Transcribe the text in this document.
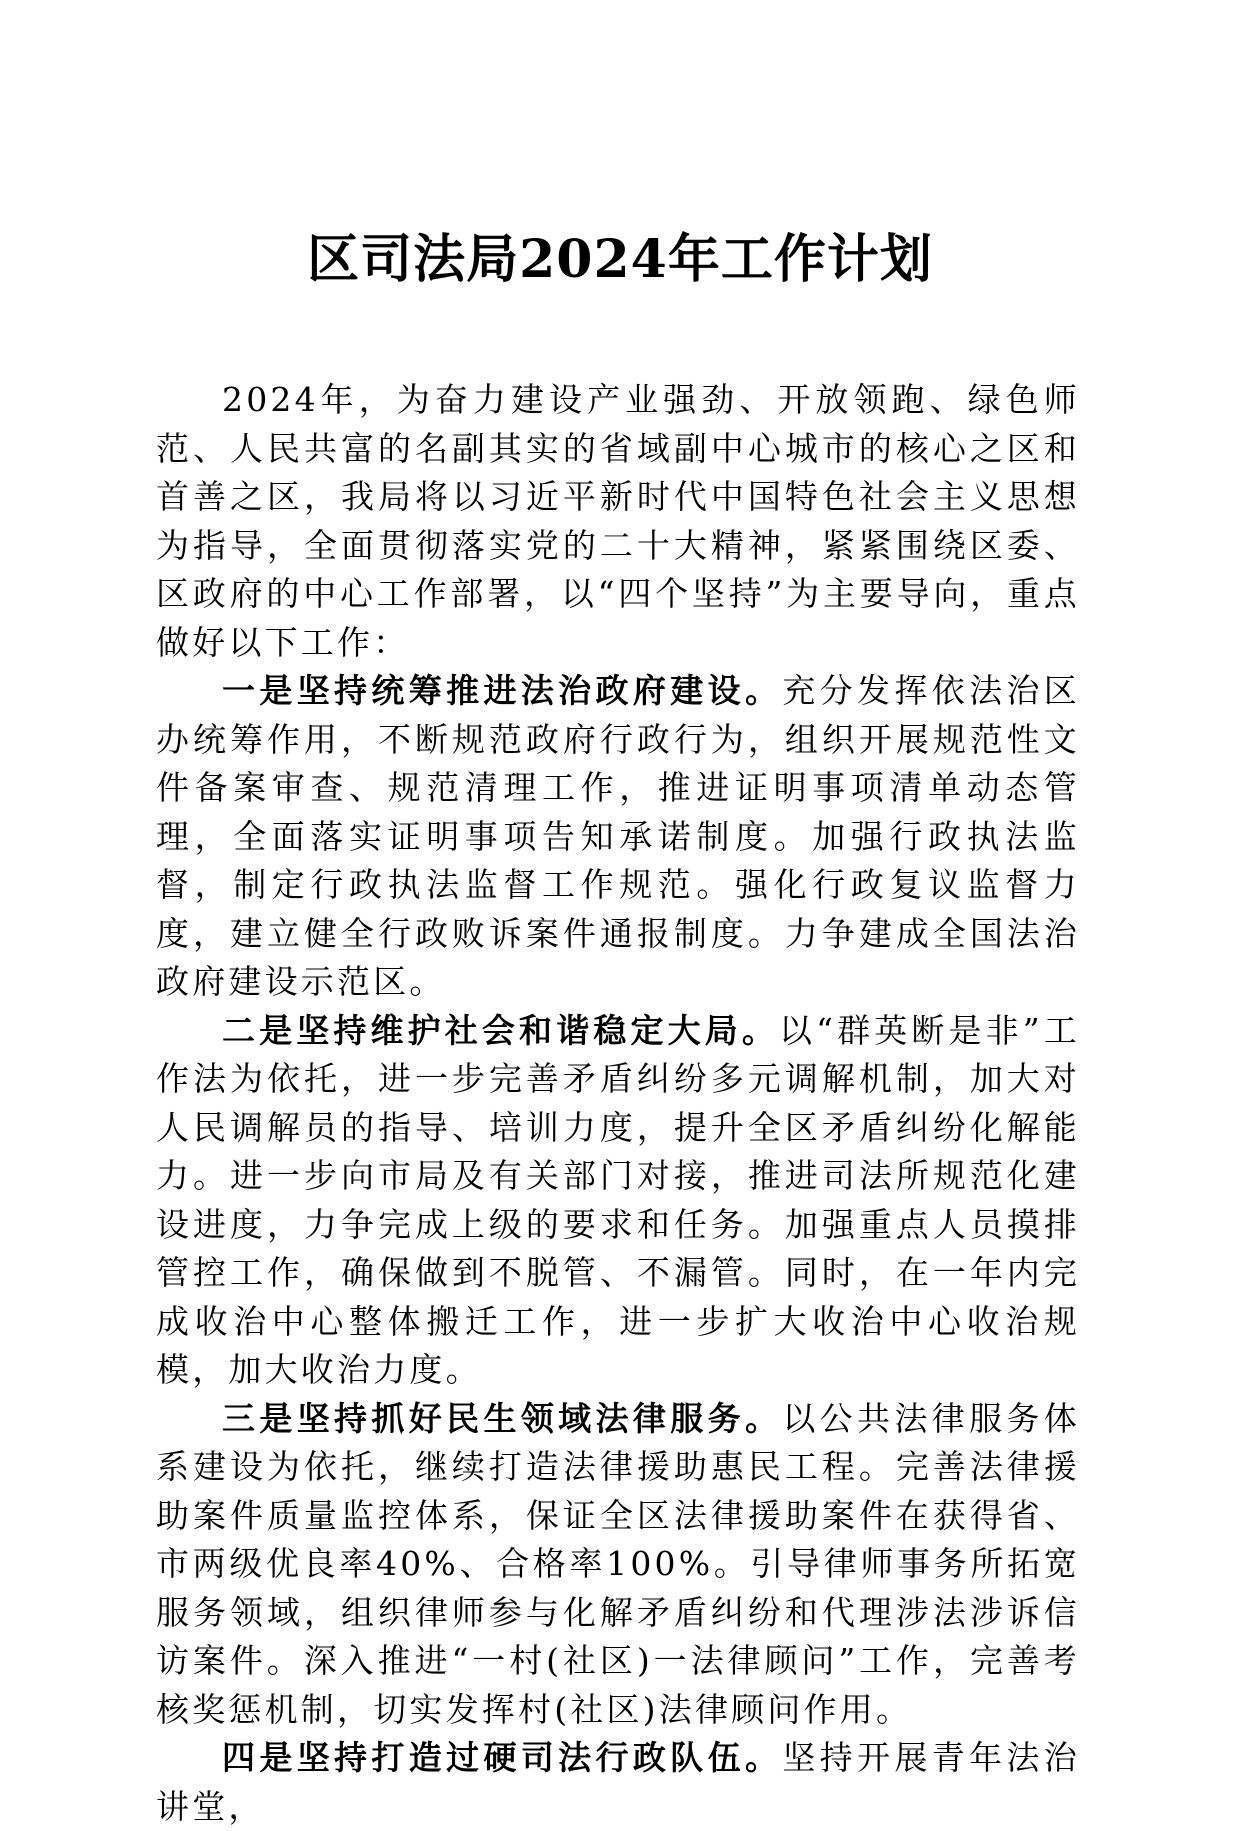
区司法局2024年工作计划

2024年，为奋力建设产业强劲、开放领跑、绿色师范、人民共富的名副其实的省域副中心城市的核心之区和首善之区，我局将以习近平新时代中国特色社会主义思想为指导，全面贯彻落实党的二十大精神，紧紧围绕区委、区政府的中心工作部署，以“四个坚持”为主要导向，重点做好以下工作：

一是坚持统筹推进法治政府建设。充分发挥依法治区办统筹作用，不断规范政府行政行为，组织开展规范性文件备案审查、规范清理工作，推进证明事项清单动态管理，全面落实证明事项告知承诺制度。加强行政执法监督，制定行政执法监督工作规范。强化行政复议监督力度，建立健全行政败诉案件通报制度。力争建成全国法治政府建设示范区。

二是坚持维护社会和谐稳定大局。以“群英断是非”工作法为依托，进一步完善矛盾纠纷多元调解机制，加大对人民调解员的指导、培训力度，提升全区矛盾纠纷化解能力。进一步向市局及有关部门对接，推进司法所规范化建设进度，力争完成上级的要求和任务。加强重点人员摸排管控工作，确保做到不脱管、不漏管。同时，在一年内完成收治中心整体搬迁工作，进一步扩大收治中心收治规模，加大收治力度。

三是坚持抓好民生领域法律服务。以公共法律服务体系建设为依托，继续打造法律援助惠民工程。完善法律援助案件质量监控体系，保证全区法律援助案件在获得省、市两级优良率40%、合格率100%。引导律师事务所拓宽服务领域，组织律师参与化解矛盾纠纷和代理涉法涉诉信访案件。深入推进“一村(社区)一法律顾问”工作，完善考核奖惩机制，切实发挥村(社区)法律顾问作用。

四是坚持打造过硬司法行政队伍。坚持开展青年法治讲堂，
